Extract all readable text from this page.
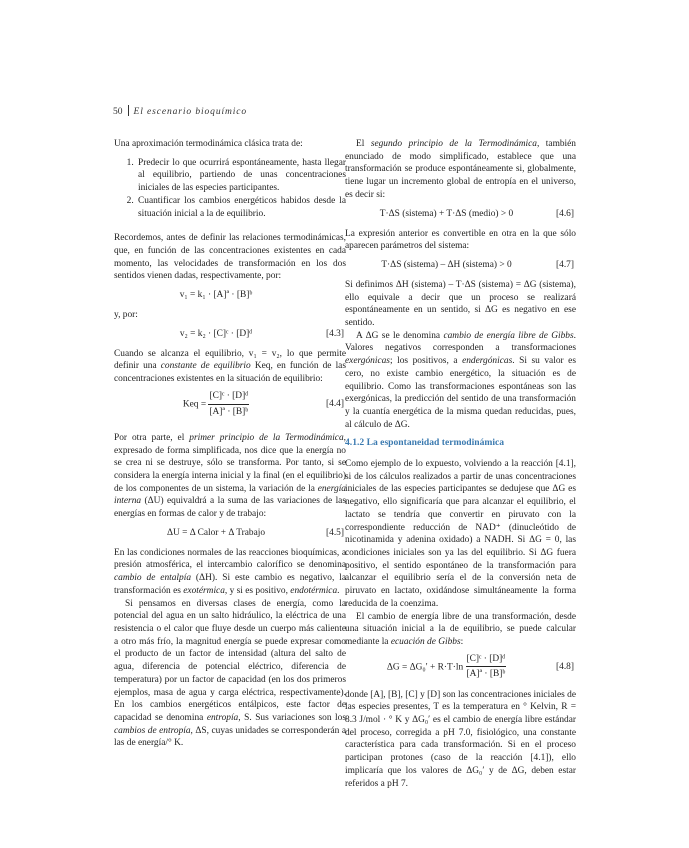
50 El escenario bioquímico

Una aproximación termodinámica clásica trata de:

1. Predecir lo que ocurrirá espontáneamente, hasta llegar al equilibrio, partiendo de unas concentraciones iniciales de las especies participantes.
2. Cuantificar los cambios energéticos habidos desde la situación inicial a la de equilibrio.

Recordemos, antes de definir las relaciones termodinámicas, que, en función de las concentraciones existentes en cada momento, las velocidades de transformación en los dos sentidos vienen dadas, respectivamente, por:

v₁ = k₁ · [A]ª · [B]ᵇ

y, por:

v₂ = k₂ · [C]ᶜ · [D]ᵈ	[4.3]

Cuando se alcanza el equilibrio, v₁ = v₂, lo que permite definir una constante de equilibrio Keq, en función de las concentraciones existentes en la situación de equilibrio:

Keq = $\frac{\text{[C]ᶜ · [D]ᵈ}}{\text{[A]ª · [B]ᵇ}}$	[4.4]

Por otra parte, el primer principio de la Termodinámica, expresado de forma simplificada, nos dice que la energía no se crea ni se destruye, sólo se transforma. Por tanto, si se considera la energía interna inicial y la final (en el equilibrio) de los componentes de un sistema, la variación de la energía interna (ΔU) equivaldrá a la suma de las variaciones de las energías en formas de calor y de trabajo:

ΔU = Δ Calor + Δ Trabajo	[4.5]

En las condiciones normales de las reacciones bioquímicas, a presión atmosférica, el intercambio calorífico se denomina cambio de entalpía (ΔH). Si este cambio es negativo, la transformación es exotérmica, y si es positivo, endotérmica.

Si pensamos en diversas clases de energía, como la potencial del agua en un salto hidráulico, la eléctrica de una resistencia o el calor que fluye desde un cuerpo más caliente a otro más frío, la magnitud energía se puede expresar como el producto de un factor de intensidad (altura del salto de agua, diferencia de potencial eléctrico, diferencia de temperatura) por un factor de capacidad (en los dos primeros ejemplos, masa de agua y carga eléctrica, respectivamente). En los cambios energéticos entálpicos, este factor de capacidad se denomina entropía, S. Sus variaciones son los cambios de entropía, ΔS, cuyas unidades se corresponderán a las de energía/° K.

El segundo principio de la Termodinámica, también enunciado de modo simplificado, establece que una transformación se produce espontáneamente si, globalmente, tiene lugar un incremento global de entropía en el universo, es decir si:

T·ΔS (sistema) + T·ΔS (medio) > 0	[4.6]

La expresión anterior es convertible en otra en la que sólo aparecen parámetros del sistema:

T·ΔS (sistema) – ΔH (sistema) > 0	[4.7]

Si definimos ΔH (sistema) – T·ΔS (sistema) = ΔG (sistema), ello equivale a decir que un proceso se realizará espontáneamente en un sentido, si ΔG es negativo en ese sentido.

A ΔG se le denomina cambio de energía libre de Gibbs. Valores negativos corresponden a transformaciones exergónicas; los positivos, a endergónicas. Si su valor es cero, no existe cambio energético, la situación es de equilibrio. Como las transformaciones espontáneas son las exergónicas, la predicción del sentido de una transformación y la cuantía energética de la misma quedan reducidas, pues, al cálculo de ΔG.

4.1.2 La espontaneidad termodinámica

Como ejemplo de lo expuesto, volviendo a la reacción [4.1], si de los cálculos realizados a partir de unas concentraciones iniciales de las especies participantes se dedujese que ΔG es negativo, ello significaría que para alcanzar el equilibrio, el lactato se tendría que convertir en piruvato con la correspondiente reducción de NAD⁺ (dinucleótido de nicotinamida y adenina oxidado) a NADH. Si ΔG = 0, las condiciones iniciales son ya las del equilibrio. Si ΔG fuera positivo, el sentido espontáneo de la transformación para alcanzar el equilibrio sería el de la conversión neta de piruvato en lactato, oxidándose simultáneamente la forma reducida de la coenzima.

El cambio de energía libre de una transformación, desde una situación inicial a la de equilibrio, se puede calcular mediante la ecuación de Gibbs:

$\Delta G = \Delta G_0' + R\cdot T\cdot\ln \frac{\text{[C]ᶜ · [D]ᵈ}}{\text{[A]ª · [B]ᵇ}}$	[4.8]

donde [A], [B], [C] y [D] son las concentraciones iniciales de las especies presentes, T es la temperatura en ° Kelvin, R = 8.3 J/mol · ° K y ΔG₀′ es el cambio de energía libre estándar del proceso, corregida a pH 7.0, fisiológico, una constante característica para cada transformación. Si en el proceso participan protones (caso de la reacción [4.1]), ello implicaría que los valores de ΔG₀′ y de ΔG, deben estar referidos a pH 7.
